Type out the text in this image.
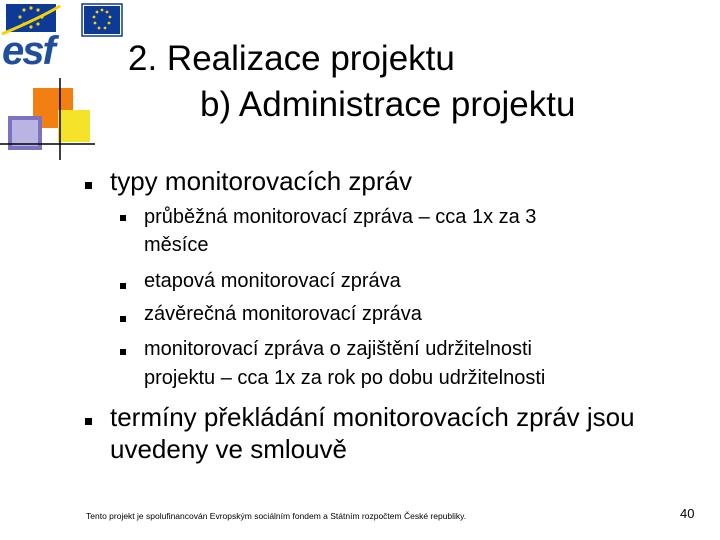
esf 2. Realizace projektu
b) Administrace projektu
typy monitorovacích zpráv
průběžná monitorovací zpráva – cca 1x za 3
měsíce
etapová monitorovací zpráva
závěrečná monitorovací zpráva
monitorovací zpráva o zajištění udržitelnosti
projektu – cca 1x za rok po dobu udržitelnosti
termíny překládání monitorovacích zpráv jsou
uvedeny ve smlouvě
Tento projekt je spolufinancován Evropským sociálním fondem a Státním rozpočtem České republiky.	40
